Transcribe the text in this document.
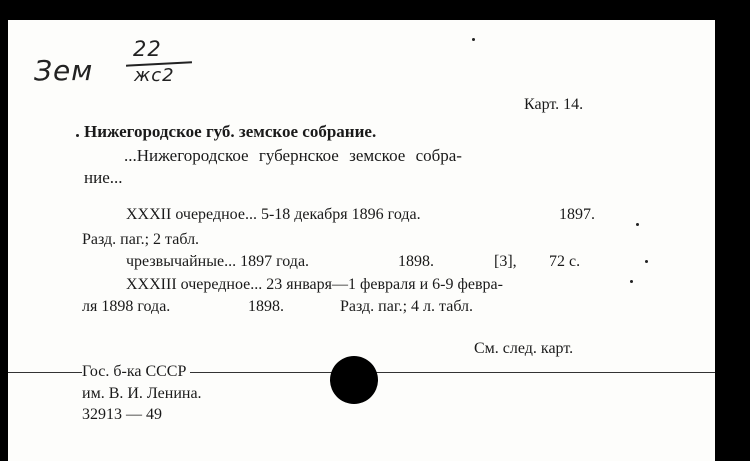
Зем
22
жс2
Карт. 14.
Нижегородское губ. земское собрание.
...Нижегородское губернское земское собра-
ние...
XXXII очередное... 5-18 декабря 1896 года.	1897.
Разд. паг.; 2 табл.
чрезвычайные... 1897 года.	1898.	[3], 72 с.
XXXIII очередное... 23 января—1 февраля и 6-9 февра-
ля 1898 года.	1898.	Разд. паг.; 4 л. табл.
См. след. карт.
Гос. б-ка СССР
им. В. И. Ленина.
32913 — 49
